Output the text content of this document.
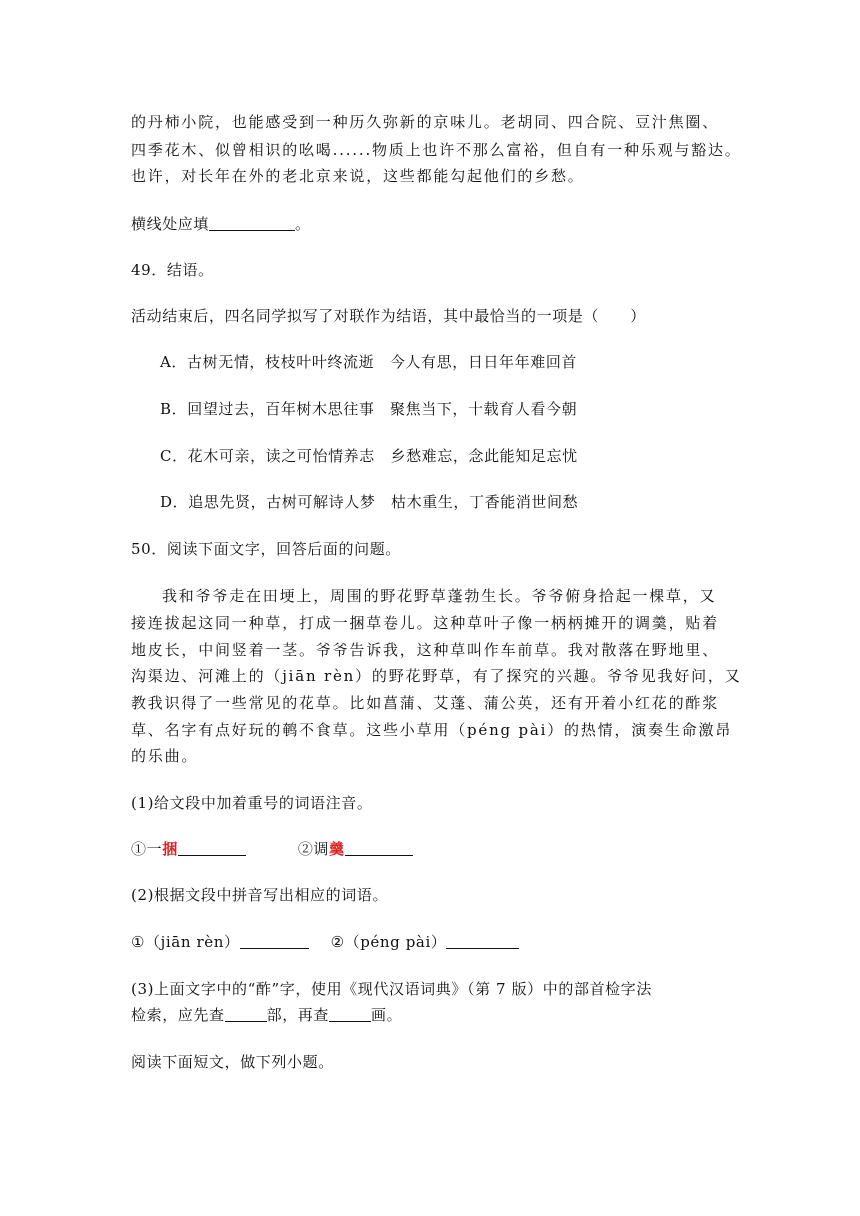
的丹柿小院，也能感受到一种历久弥新的京味儿。老胡同、四合院、豆汁焦圈、
四季花木、似曾相识的吆喝......物质上也许不那么富裕，但自有一种乐观与豁达。
也许，对长年在外的老北京来说，这些都能勾起他们的乡愁。
横线处应填	。
49．结语。
活动结束后，四名同学拟写了对联作为结语，其中最恰当的一项是（　　）
A．古树无情，枝枝叶叶终流逝　今人有思，日日年年难回首
B．回望过去，百年树木思往事　聚焦当下，十载育人看今朝
C．花木可亲，读之可怡情养志　乡愁难忘，念此能知足忘忧
D．追思先贤，古树可解诗人梦　枯木重生，丁香能消世间愁
50．阅读下面文字，回答后面的问题。
我和爷爷走在田埂上，周围的野花野草蓬勃生长。爷爷俯身拾起一棵草，又
接连拔起这同一种草，打成一捆草卷儿。这种草叶子像一柄柄摊开的调羹，贴着
地皮长，中间竖着一茎。爷爷告诉我，这种草叫作车前草。我对散落在野地里、
沟渠边、河滩上的（jiān rèn）的野花野草，有了探究的兴趣。爷爷见我好问，又
教我识得了一些常见的花草。比如菖蒲、艾蓬、蒲公英，还有开着小红花的酢浆
草、名字有点好玩的鹌不食草。这些小草用（péng pài）的热情，演奏生命激昂
的乐曲。
(1)给文段中加着重号的词语注音。
①一捆	②调羹
(2)根据文段中拼音写出相应的词语。
①（jiān rèn）	②（péng pài）
(3)上面文字中的“酢”字，使用《现代汉语词典》（第 7 版）中的部首检字法
检索，应先查	部，再查	画。
阅读下面短文，做下列小题。
